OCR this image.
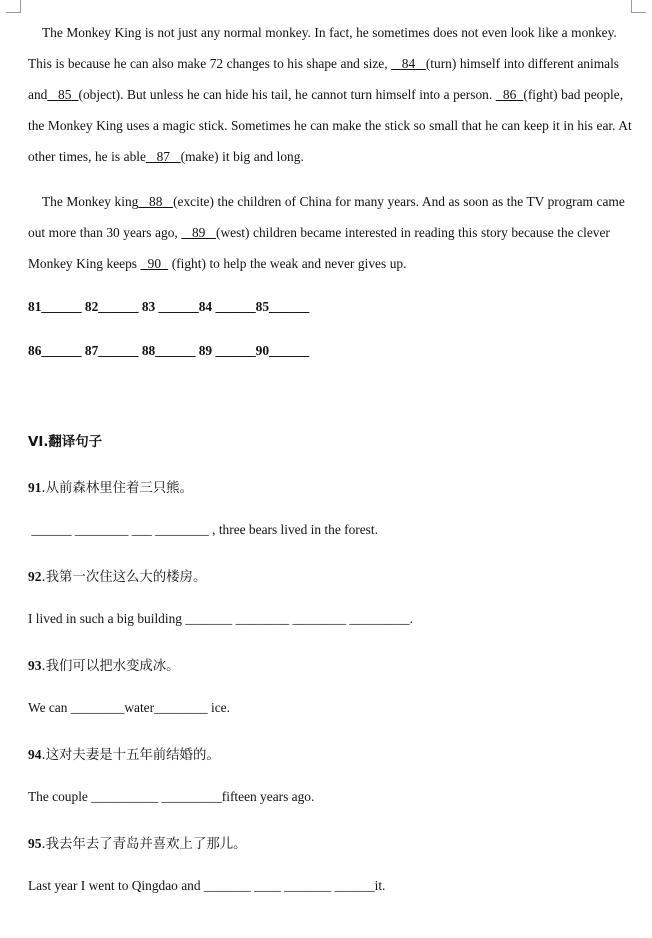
The Monkey King is not just any normal monkey. In fact, he sometimes does not even look like a monkey. This is because he can also make 72 changes to his shape and size,    84 (turn) himself into different animals and 85 (object). But unless he can hide his tail, he cannot turn himself into a person.   86 (fight) bad people, the Monkey King uses a magic stick. Sometimes he can make the stick so small that he can keep it in his ear. At other times, he is able 87 (make) it big and long.

The Monkey king 88 (excite) the children of China for many years. And as soon as the TV program came out more than 30 years ago,    89 (west) children became interested in reading this story because the clever Monkey King keeps   90   (fight) to help the weak and never gives up.

81______ 82______ 83 ______84 ______85______
86______ 87______ 88______ 89 ______90______
VI.翻译句子
91.从前森林里住着三只熊。
______ ________ ___ ________ , three bears lived in the forest.
92.我第一次住这么大的楼房。
I lived in such a big building _______ ________ ________ _________.
93.我们可以把水变成冰。
We can ________water________ ice.
94.这对夫妻是十五年前结婚的。
The couple __________ _________fifteen years ago.
95.我去年去了青岛并喜欢上了那儿。
Last year I went to Qingdao and _______ ____ _______ ______it.
